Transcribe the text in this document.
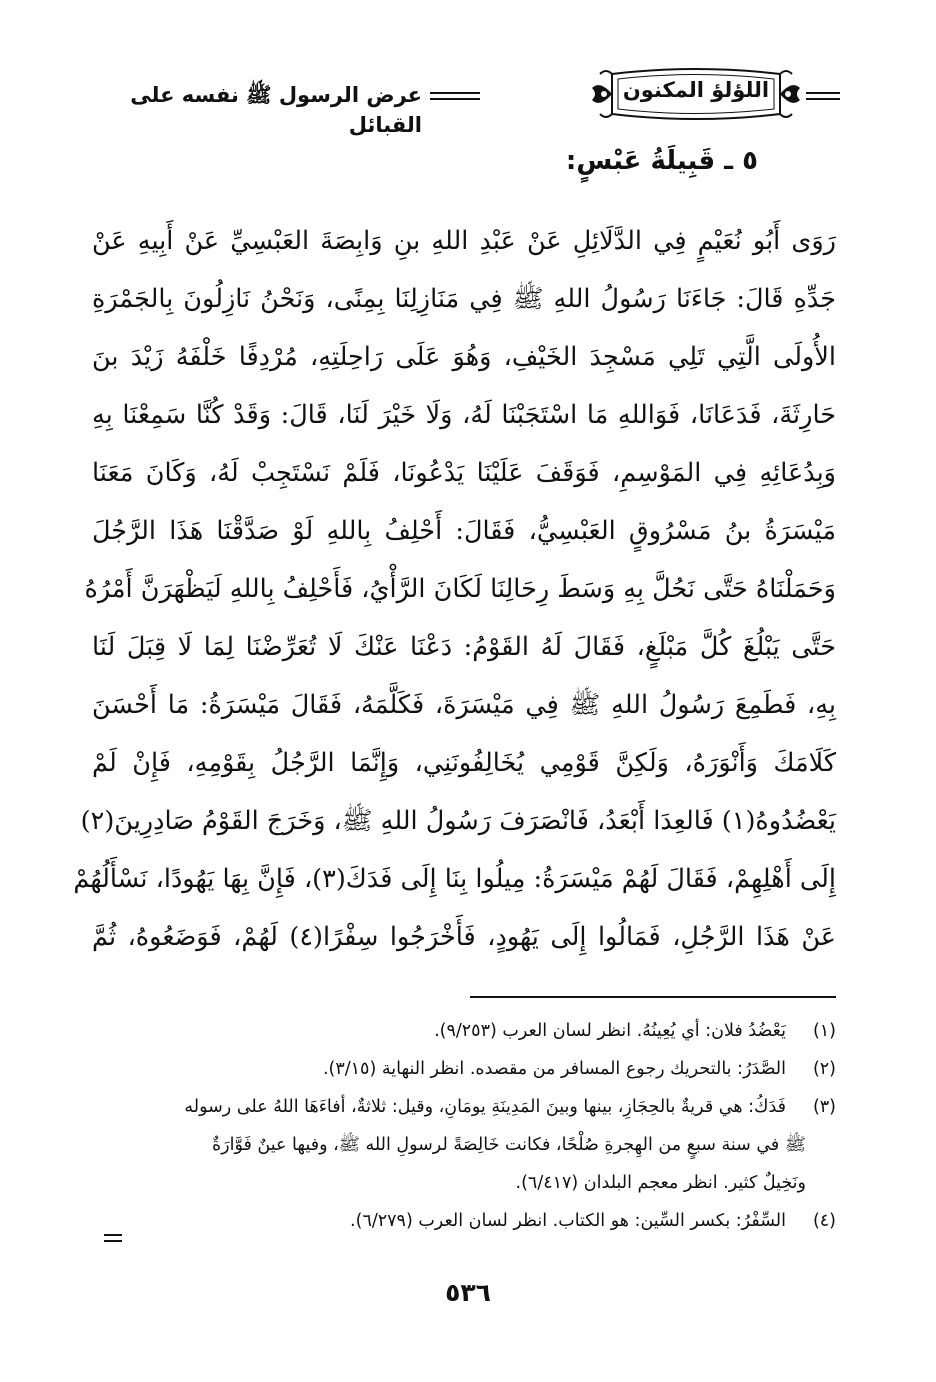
اللؤلؤ المكنون
عرض الرسول ﷺ نفسه على القبائل
٥ ـ قَبِيلَةُ عَبْسٍ:
رَوَى أَبُو نُعَيْمٍ فِي الدَّلَائِلِ عَنْ عَبْدِ اللهِ بنِ وَابِصَةَ العَبْسِيِّ عَنْ أَبِيهِ عَنْ
جَدِّهِ قَالَ: جَاءَنَا رَسُولُ اللهِ ﷺ فِي مَنَازِلِنَا بِمِنًى، وَنَحْنُ نَازِلُونَ بِالجَمْرَةِ
الأُولَى الَّتِي تَلِي مَسْجِدَ الخَيْفِ، وَهُوَ عَلَى رَاحِلَتِهِ، مُرْدِفًا خَلْفَهُ زَيْدَ بنَ
حَارِثَةَ، فَدَعَانَا، فَوَاللهِ مَا اسْتَجَبْنَا لَهُ، وَلَا خَيْرَ لَنَا، قَالَ: وَقَدْ كُنَّا سَمِعْنَا بِهِ
وَبِدُعَائِهِ فِي المَوْسِمِ، فَوَقَفَ عَلَيْنَا يَدْعُونَا، فَلَمْ نَسْتَجِبْ لَهُ، وَكَانَ مَعَنَا
مَيْسَرَةُ بنُ مَسْرُوقٍ العَبْسِيُّ، فَقَالَ: أَحْلِفُ بِاللهِ لَوْ صَدَّقْنَا هَذَا الرَّجُلَ
وَحَمَلْنَاهُ حَتَّى نَحُلَّ بِهِ وَسَطَ رِحَالِنَا لَكَانَ الرَّأْيُ، فَأَحْلِفُ بِاللهِ لَيَظْهَرَنَّ أَمْرُهُ
حَتَّى يَبْلُغَ كُلَّ مَبْلَغٍ، فَقَالَ لَهُ القَوْمُ: دَعْنَا عَنْكَ لَا تُعَرِّضْنَا لِمَا لَا قِبَلَ لَنَا
بِهِ، فَطَمِعَ رَسُولُ اللهِ ﷺ فِي مَيْسَرَةَ، فَكَلَّمَهُ، فَقَالَ مَيْسَرَةُ: مَا أَحْسَنَ
كَلَامَكَ وَأَنْوَرَهُ، وَلَكِنَّ قَوْمِي يُخَالِفُونَنِي، وَإِنَّمَا الرَّجُلُ بِقَوْمِهِ، فَإِنْ لَمْ
يَعْضُدُوهُ(١) فَالعِدَا أَبْعَدُ، فَانْصَرَفَ رَسُولُ اللهِ ﷺ، وَخَرَجَ القَوْمُ صَادِرِينَ(٢)
إِلَى أَهْلِهِمْ، فَقَالَ لَهُمْ مَيْسَرَةُ: مِيلُوا بِنَا إِلَى فَدَكَ(٣)، فَإِنَّ بِهَا يَهُودًا، نَسْأَلُهُمْ
عَنْ هَذَا الرَّجُلِ، فَمَالُوا إِلَى يَهُودٍ، فَأَخْرَجُوا سِفْرًا(٤) لَهُمْ، فَوَضَعُوهُ، ثُمَّ
(١)
يَعْضُدُ فلان: أي يُعِينُهُ. انظر لسان العرب (٩/٢٥٣).
(٢)
الصَّدَرُ: بالتحريك رجوع المسافر من مقصده. انظر النهاية (٣/١٥).
(٣)
فَدَكُ: هي قريةٌ بالحِجَازِ، بينها وبينَ المَدِينَةِ يومَانِ، وقيل: ثلاثةٌ، أفاءَهَا اللهُ على رسوله
ﷺ في سنة سبعٍ من الهِجرةِ صُلْحًا، فكانت خَالِصَةً لرسولِ الله ﷺ، وفيها عينٌ فَوَّارَةٌ
ونَخِيلٌ كثير. انظر معجم البلدان (٦/٤١٧).
(٤)
السِّفْرُ: بكسر السِّين: هو الكتاب. انظر لسان العرب (٦/٢٧٩).
٥٣٦
